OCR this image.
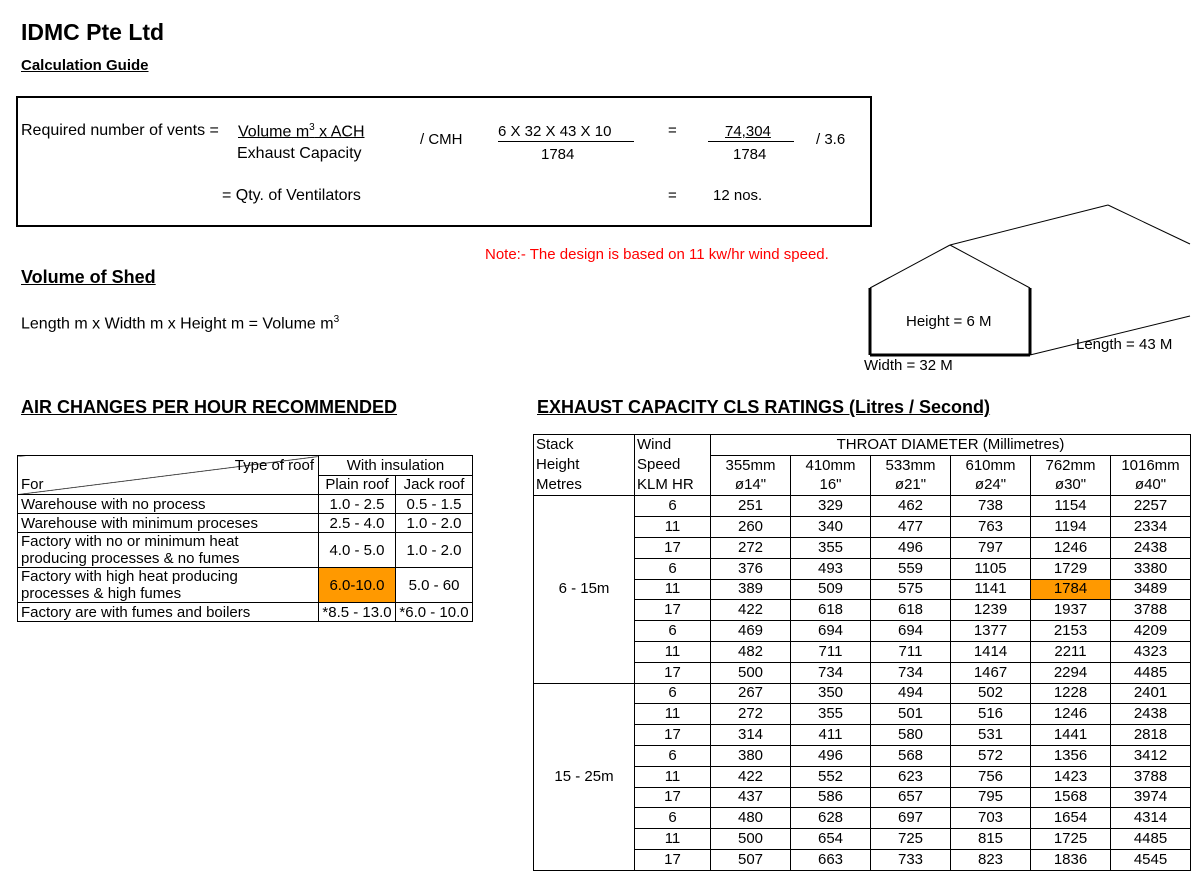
IDMC Pte Ltd
Calculation Guide
Required number of vents = Volume $m^3$ x ACH
Exhaust Capacity
/ CMH 6 X 32 X 43 X 10
1784
=	74,304
1784
/ 3.6
= Qty. of Ventilators	= 12 nos.
Note:- The design is based on 11 kw/hr wind speed.
Volume of Shed
Length m x Width m x Height m = Volume $m^3$	Height = 6 M
Width = 32 M
Length = 43 M
AIR CHANGES PER HOUR RECOMMENDED	EXHAUST CAPACITY CLS RATINGS (Litres / Second)
Type of roof
For	With insulation	
	Plain roof	Jack roof

Warehouse with no process	1.0 - 2.5	0.5 - 1.5

Warehouse with minimum proceses	2.5 - 4.0	1.0 - 2.0

Factory with no or minimum heat
producing processes & no fumes	4.0 - 5.0	1.0 - 2.0

Factory with high heat producing
processes & high fumes	6.0-10.0	5.0 - 60

Factory are with fumes and boilers	*8.5 - 13.0	*6.0 - 10.0
Stack	Wind	THROAT DIAMETER (Millimetres)					
Height	Speed	355mm	410mm	533mm	610mm	762mm	1016mm
Metres	KLM HR	ø14"	16"	ø21"	ø24"	ø30"	ø40"
6 - 15m	6	251	329	462	738	1154	2257
	11	260	340	477	763	1194	2334
	17	272	355	496	797	1246	2438
	6	376	493	559	1105	1729	3380
	11	389	509	575	1141	1784	3489
	17	422	618	618	1239	1937	3788
	6	469	694	694	1377	2153	4209
	11	482	711	711	1414	2211	4323
	17	500	734	734	1467	2294	4485
15 - 25m	6	267	350	494	502	1228	2401
	11	272	355	501	516	1246	2438
	17	314	411	580	531	1441	2818
	6	380	496	568	572	1356	3412
	11	422	552	623	756	1423	3788
	17	437	586	657	795	1568	3974
	6	480	628	697	703	1654	4314
	11	500	654	725	815	1725	4485
	17	507	663	733	823	1836	4545
